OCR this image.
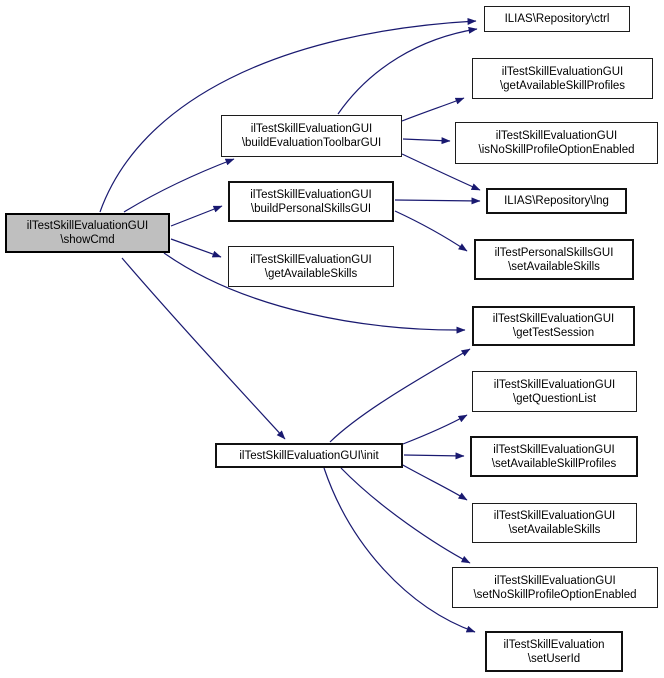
ilTestSkillEvaluationGUI
\showCmd
ilTestSkillEvaluationGUI
\buildEvaluationToolbarGUI
ilTestSkillEvaluationGUI
\buildPersonalSkillsGUI
ilTestSkillEvaluationGUI
\getAvailableSkills
ilTestSkillEvaluationGUI\init
ILIAS\Repository\ctrl
ilTestSkillEvaluationGUI
\getAvailableSkillProfiles
ilTestSkillEvaluationGUI
\isNoSkillProfileOptionEnabled
ILIAS\Repository\lng
ilTestPersonalSkillsGUI
\setAvailableSkills
ilTestSkillEvaluationGUI
\getTestSession
ilTestSkillEvaluationGUI
\getQuestionList
ilTestSkillEvaluationGUI
\setAvailableSkillProfiles
ilTestSkillEvaluationGUI
\setAvailableSkills
ilTestSkillEvaluationGUI
\setNoSkillProfileOptionEnabled
ilTestSkillEvaluation
\setUserId
